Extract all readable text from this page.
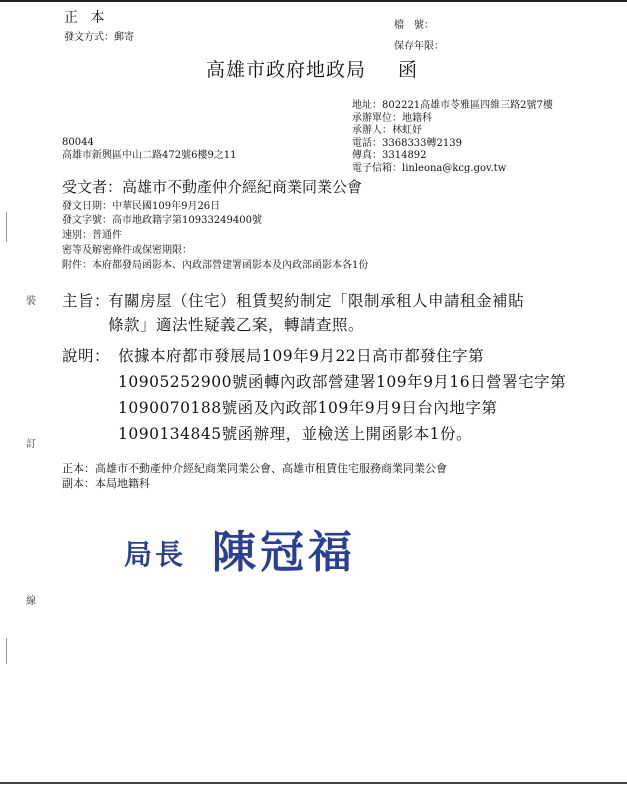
裝
訂
線
正 本
發文方式：郵寄
檔　號：
保存年限：
高雄市政府地政局 函
地址：802221高雄市苓雅區四維三路2號7樓
承辦單位：地籍科
承辦人：林虹妤
電話：3368333轉2139
傳真：3314892
電子信箱：linleona@kcg.gov.tw
80044
高雄市新興區中山二路472號6樓9之11
受文者：高雄市不動產仲介經紀商業同業公會
發文日期：中華民國109年9月26日
發文字號：高市地政籍字第10933249400號
速別：普通件
密等及解密條件或保密期限：
附件：本府都發局函影本、內政部營建署函影本及內政部函影本各1份
主旨：
有關房屋（住宅）租賃契約制定「限制承租人申請租金補貼
條款」適法性疑義乙案，轉請查照。
說明： 依據本府都市發展局109年9月22日高市都發住字第
10905252900號函轉內政部營建署109年9月16日營署宅字第
1090070188號函及內政部109年9月9日台內地字第
1090134845號函辦理，並檢送上開函影本1份。
正本：高雄市不動產仲介經紀商業同業公會、高雄市租賃住宅服務商業同業公會
副本：本局地籍科
局長 陳冠福
